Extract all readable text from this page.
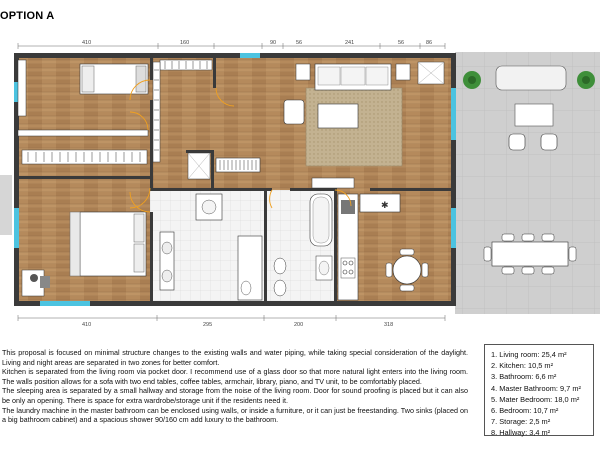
OPTION A
410	160	90	56	241	56	86
410	295	200	318
✱

This proposal is focused on minimal structure changes to the existing walls and water piping, while taking special consideration of the daylight. Living and night areas are separated in two zones for better comfort.

Kitchen is separated from the living room via pocket door. I recommend use of a glass door so that more natural light enters into the living room. The walls position allows for a sofa with two end tables, coffee tables, armchair, library, piano, and TV unit, to be comfortably placed.

The sleeping area is separated by a small hallway and storage from the noise of the living room. Door for sound proofing is placed but it can also be only an opening. There is space for extra wardrobe/storage unit if the residents need it.

The laundry machine in the master bathroom can be enclosed using walls, or inside a furniture, or it can just be freestanding. Two sinks (placed on a big bathroom cabinet) and a spacious shower 90/160 cm add luxury to the bathroom.

1. Living room: 25,4 m²
2. Kitchen: 10,5 m²
3. Bathroom: 6,6 m²
4. Master Bathroom: 9,7 m²
5. Mater Bedroom: 18,0 m²
6. Bedroom: 10,7 m²
7. Storage: 2,5 m²
8. Hallway: 3,4 m²
